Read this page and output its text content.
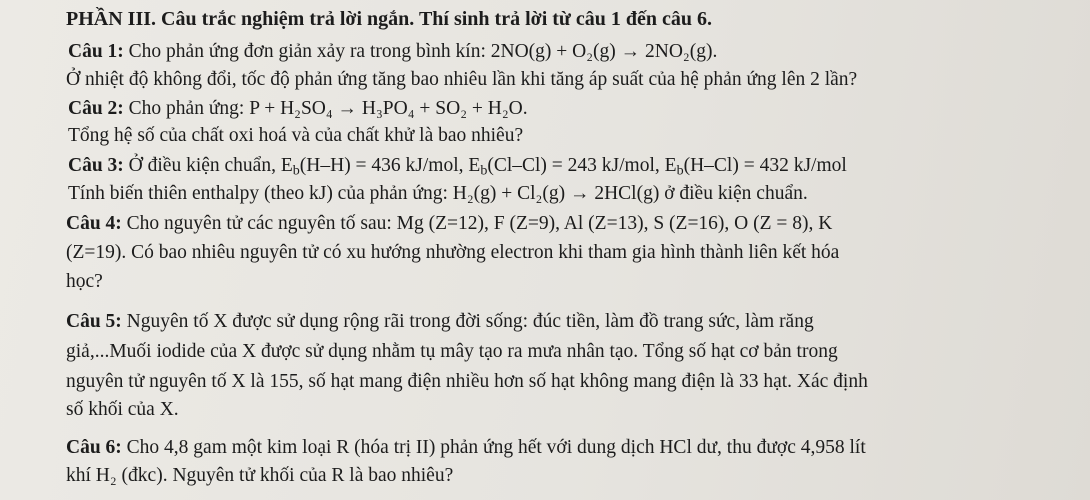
PHẦN III. Câu trắc nghiệm trả lời ngắn. Thí sinh trả lời từ câu 1 đến câu 6.
Câu 1: Cho phản ứng đơn giản xảy ra trong bình kín: 2NO(g) + O₂(g) → 2NO₂(g).
Ở nhiệt độ không đổi, tốc độ phản ứng tăng bao nhiêu lần khi tăng áp suất của hệ phản ứng lên 2 lần?
Câu 2: Cho phản ứng: P + H₂SO₄ → H₃PO₄ + SO₂ + H₂O.
Tổng hệ số của chất oxi hoá và của chất khử là bao nhiêu?
Câu 3: Ở điều kiện chuẩn, $E_b(H-H) = 436$ kJ/mol, $E_b(Cl-Cl) = 243$ kJ/mol, $E_b(H-Cl) = 432$ kJ/mol
Tính biến thiên enthalpy (theo kJ) của phản ứng: H₂(g) + Cl₂(g) → 2HCl(g) ở điều kiện chuẩn.
Câu 4: Cho nguyên tử các nguyên tố sau: Mg (Z=12), F (Z=9), Al (Z=13), S (Z=16), O (Z = 8), K
(Z=19). Có bao nhiêu nguyên tử có xu hướng nhường electron khi tham gia hình thành liên kết hóa
học?
Câu 5: Nguyên tố X được sử dụng rộng rãi trong đời sống: đúc tiền, làm đồ trang sức, làm răng
giả,...Muối iodide của X được sử dụng nhằm tụ mây tạo ra mưa nhân tạo. Tổng số hạt cơ bản trong
nguyên tử nguyên tố X là 155, số hạt mang điện nhiều hơn số hạt không mang điện là 33 hạt. Xác định
số khối của X.
Câu 6: Cho 4,8 gam một kim loại R (hóa trị II) phản ứng hết với dung dịch HCl dư, thu được 4,958 lít
khí H₂ (đkc). Nguyên tử khối của R là bao nhiêu?
